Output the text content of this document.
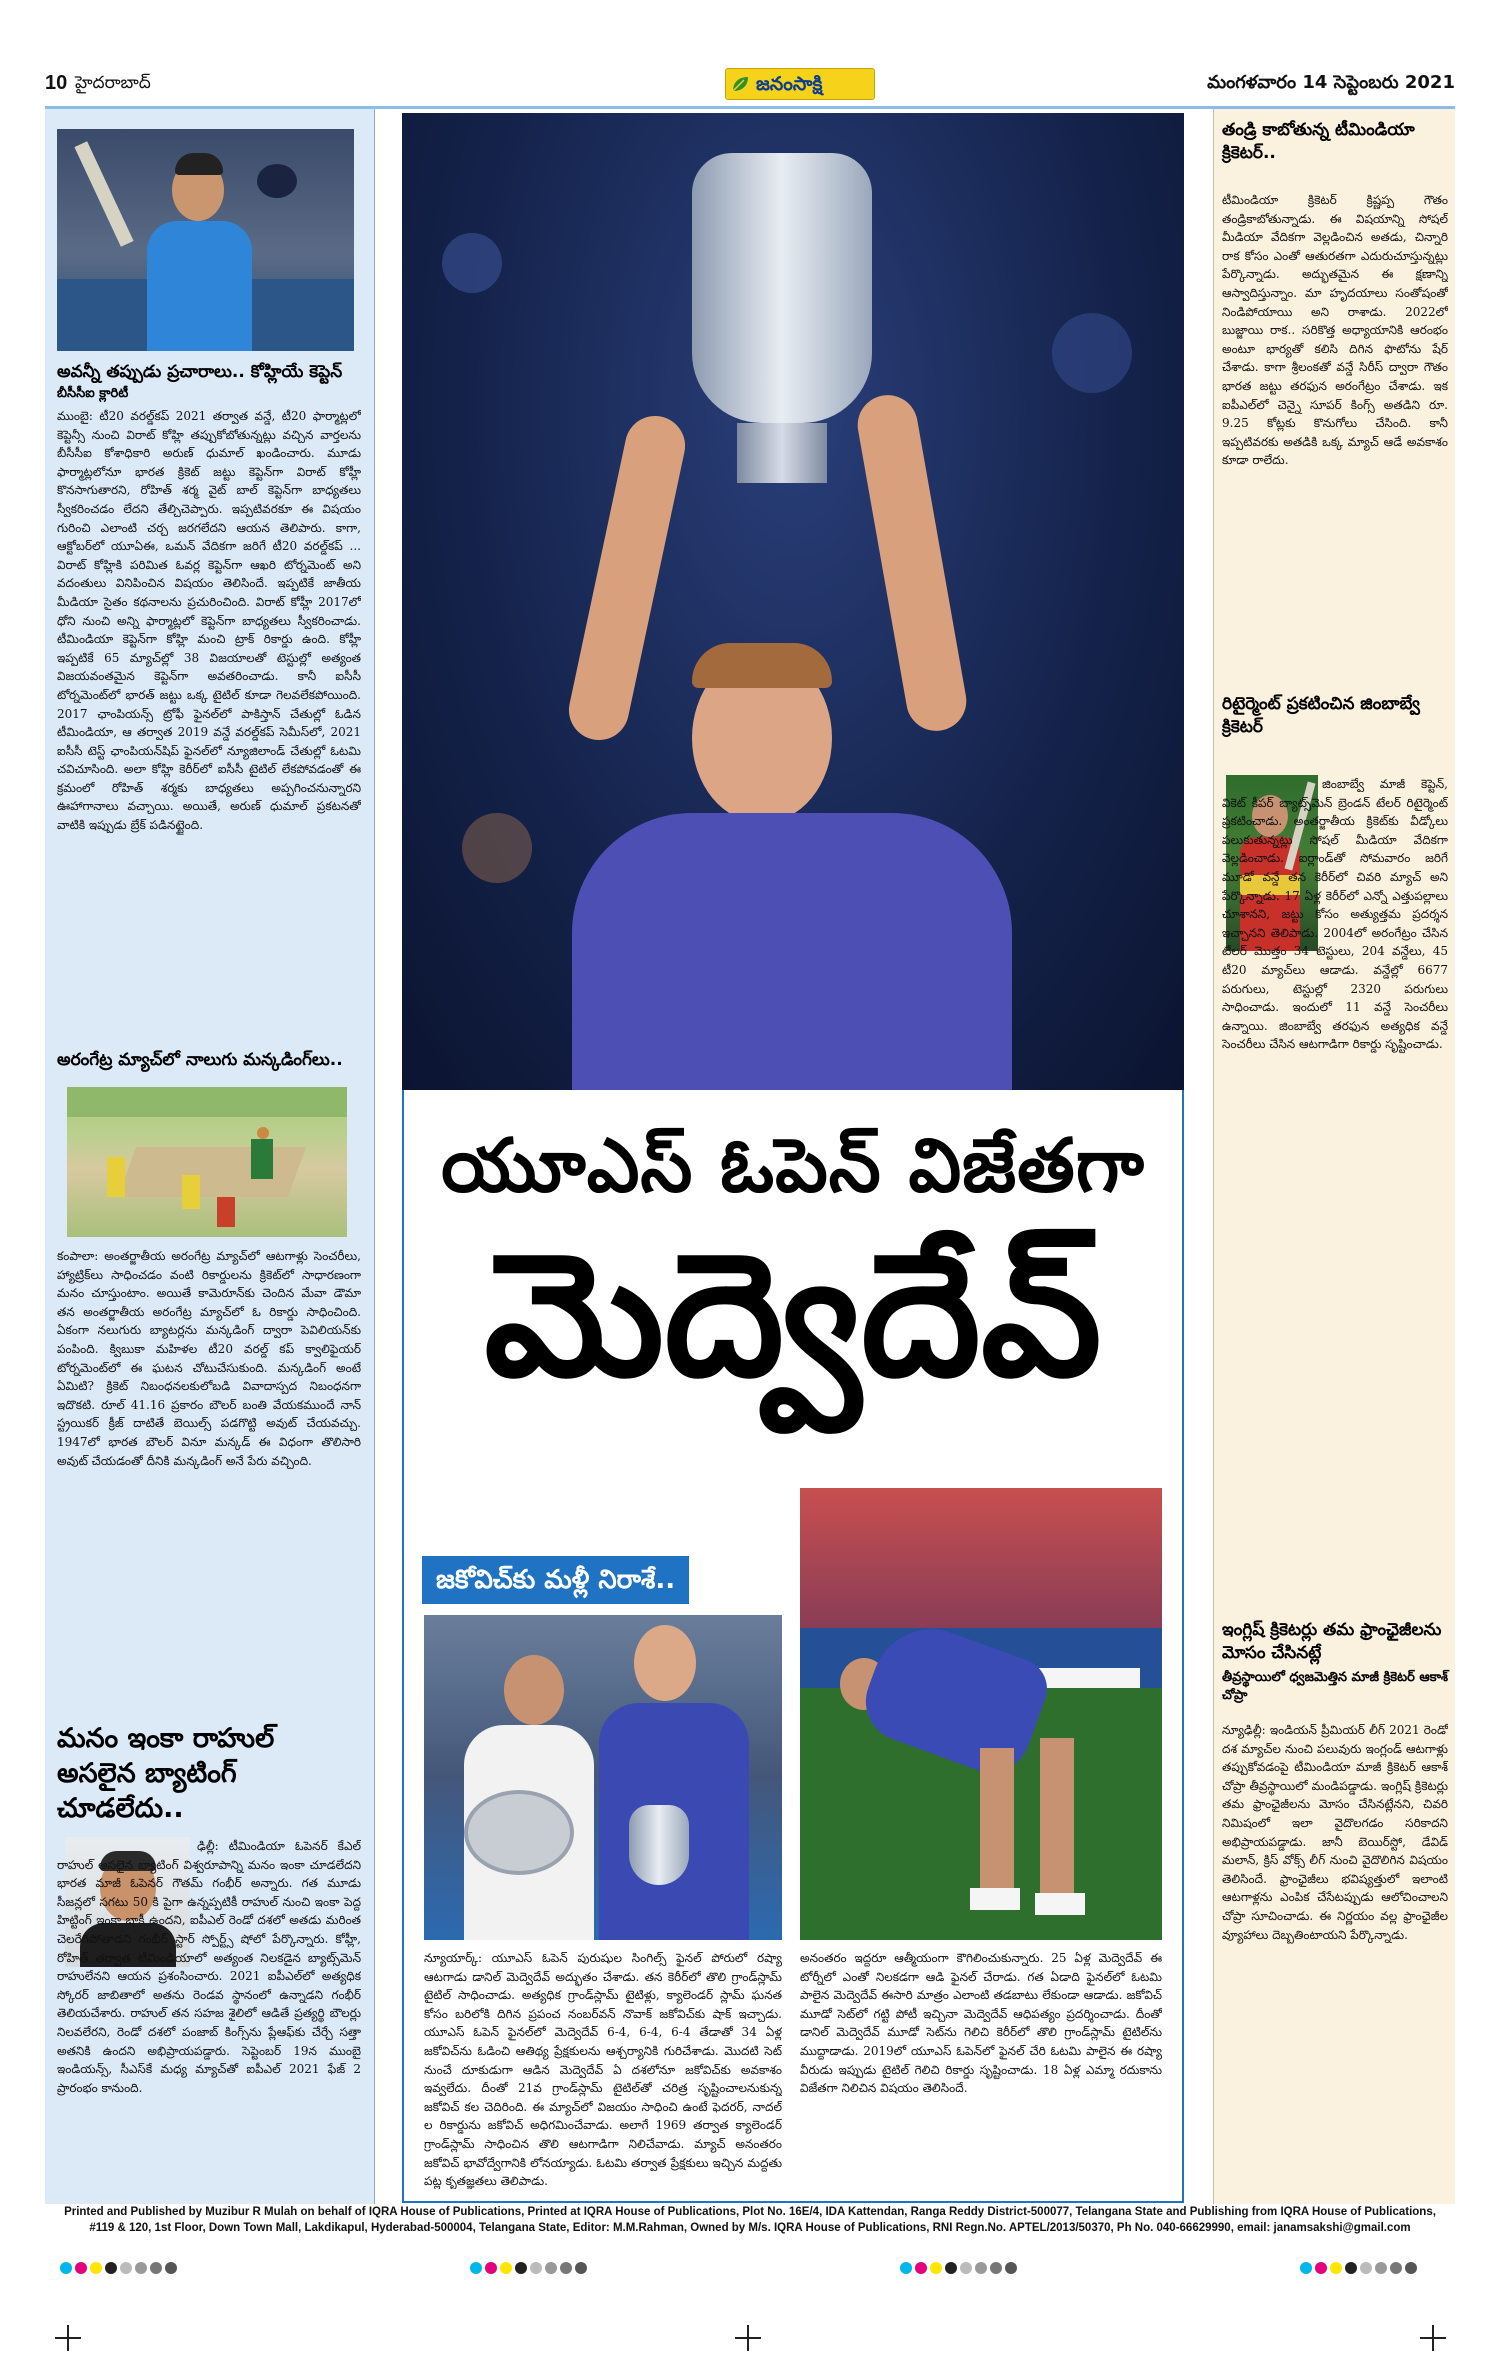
10 హైదరాబాద్‌	జనంసాక్షి	మంగళవారం 14 సెప్టెంబరు 2021
అవన్నీ తప్పుడు ప్రచారాలు.. కోహ్లియే కెప్టెన్‌
బీసీసీఐ క్లారిటీ
ముంబై: టీ20 వరల్డ్‌కప్‌ 2021 తర్వాత వన్డే, టీ20 ఫార్మాట్లలో కెప్టెన్సీ నుంచి విరాట్‌ కోహ్లి తప్పుకోబోతున్నట్లు వచ్చిన వార్తలను బీసీసీఐ కోశాధికారి అరుణ్‌ ధుమాల్‌ ఖండించారు. మూడు ఫార్మాట్లలోనూ భారత క్రికెట్‌ జట్టు కెప్టెన్‌గా విరాట్‌ కోహ్లీ కొనసాగుతారని, రోహిత్‌ శర్మ వైట్‌ బాల్‌ కెప్టెన్‌గా బాధ్యతలు స్వీకరించడం లేదని తేల్చిచెప్పారు. ఇప్పటివరకూ ఈ విషయం గురించి ఎలాంటి చర్చ జరగలేదని ఆయన తెలిపారు. కాగా, ఆక్టోబర్‌లో యూఏఈ, ఒమన్‌ వేదికగా జరిగే టీ20 వరల్డ్‌కప్‌ ... విరాట్‌ కోహ్లికి పరిమిత ఓవర్ల కెప్టెన్‌గా ఆఖరి టోర్నమెంట్‌ అని వదంతులు వినిపించిన విషయం తెలిసిందే. ఇప్పటికే జాతీయ మీడియా సైతం కథనాలను ప్రచురించింది. విరాట్‌ కోహ్లీ 2017లో ధోని నుంచి అన్ని ఫార్మాట్లలో కెప్టెన్‌గా బాధ్యతలు స్వీకరించాడు. టీమిండియా కెప్టెన్‌గా కోహ్లి మంచి ట్రాక్‌ రికార్డు ఉంది. కోహ్లీ ఇప్పటికే 65 మ్యాచ్‌ల్లో 38 విజయాలతో టెస్టుల్లో అత్యంత విజయవంతమైన కెప్టెన్‌గా అవతరించాడు. కానీ ఐసీసీ టోర్నమెంట్‌లో భారత్‌ జట్టు ఒక్క టైటిల్‌ కూడా గెలవలేకపోయింది. 2017 ఛాంపియన్స్‌ ట్రోఫీ ఫైనల్‌లో పాకిస్తాన్‌ చేతుల్లో ఓడిన టీమిండియా, ఆ తర్వాత 2019 వన్డే వరల్డ్‌కప్‌ సెమీస్‌లో, 2021 ఐసీసీ టెస్ట్‌ ఛాంపియన్‌షిప్‌ ఫైనల్‌లో న్యూజిలాండ్‌ చేతుల్లో ఓటమి చవిచూసింది. అలా కోహ్లి కెరీర్‌లో ఐసీసీ టైటిల్‌ లేకపోవడంతో ఈ క్రమంలో రోహిత్‌ శర్మకు బాధ్యతలు అప్పగించనున్నారని ఊహాగానాలు వచ్చాయి. అయితే, అరుణ్‌ ధుమాల్‌ ప్రకటనతో వాటికి ఇప్పుడు బ్రేక్‌ పడినట్టైంది.
అరంగేట్ర మ్యాచ్‌లో నాలుగు మన్కడింగ్‌లు..
కంపాలా: అంతర్జాతీయ అరంగేట్ర మ్యాచ్‌లో ఆటగాళ్లు సెంచరీలు, హ్యాట్రిక్‌లు సాధించడం వంటి రికార్డులను క్రికెట్‌లో సాధారణంగా మనం చూస్తుంటాం. అయితే కామెరూన్‌కు చెందిన మేవా డౌమా తన అంతర్జాతీయ అరంగేట్ర మ్యాచ్‌లో ఓ రికార్డు సాధించింది. ఏకంగా నలుగురు బ్యాటర్లను మన్కడింగ్‌ ద్వారా పెవిలియన్‌కు పంపింది. క్విబుకా మహిళల టీ20 వరల్డ్‌ కప్‌ క్వాలిఫైయర్‌ టోర్నమెంట్‌లో ఈ ఘటన చోటుచేసుకుంది. మన్కడింగ్‌ అంటే ఏమిటి? క్రికెట్‌ నిబంధనలకులోబడి వివాదాస్పద నిబంధనగా ఇదొకటి. రూల్‌ 41.16 ప్రకారం బౌలర్‌ బంతి వేయకముందే నాన్‌ స్ట్రయికర్‌ క్రీజ్‌ దాటితే బెయిల్స్‌ పడగొట్టి అవుట్‌ చేయవచ్చు. 1947లో భారత బౌలర్‌ వినూ మన్కడ్‌ ఈ విధంగా తొలిసారి అవుట్‌ చేయడంతో దీనికి మన్కడింగ్‌ అనే పేరు వచ్చింది.
మనం ఇంకా రాహుల్‌ అసలైన బ్యాటింగ్‌ చూడలేదు..
ఢిల్లీ: టీమిండియా ఓపెనర్‌ కేఎల్‌ రాహుల్‌ అసలైన బ్యాటింగ్‌ విశ్వరూపాన్ని మనం ఇంకా చూడలేదని భారత మాజీ ఓపెనర్‌ గౌతమ్‌ గంభీర్‌ అన్నారు. గత మూడు సీజన్లలో సగటు 50 కి పైగా ఉన్నప్పటికీ రాహుల్‌ నుంచి ఇంకా పెద్ద హిట్టింగ్‌ ఇంకా బాకీ ఉందని, ఐపీఎల్‌ రెండో దశలో అతడు మరింత చెలరేగిపోతాడని గంభీర్‌ స్టార్‌ స్పోర్ట్స్‌ షోలో పేర్కొన్నారు. కోహ్లీ, రోహిత్‌ తర్వాత టీమిండియాలో అత్యంత నిలకడైన బ్యాట్స్‌మెన్‌ రాహులేనని ఆయన ప్రశంసించారు. 2021 ఐపీఎల్‌లో అత్యధిక స్కోరర్‌ జాబితాలో అతను రెండవ స్థానంలో ఉన్నాడని గంభీర్‌ తెలియచేశారు. రాహుల్‌ తన సహజ శైలిలో ఆడితే ప్రత్యర్థి బౌలర్లు నిలవలేరని, రెండో దశలో పంజాబ్‌ కింగ్స్‌ను ప్లేఆఫ్‌కు చేర్చే సత్తా అతనికి ఉందని అభిప్రాయపడ్డారు. సెప్టెంబర్‌ 19న ముంబై ఇండియన్స్‌, సీఎస్‌కే మధ్య మ్యాచ్‌తో ఐపీఎల్‌ 2021 ఫేజ్‌ 2 ప్రారంభం కానుంది.
యూఎస్‌ ఓపెన్‌ విజేతగా
మెద్వెదేవ్‌
జకోవిచ్‌కు మళ్లీ నిరాశే..
న్యూయార్క్‌: యూఎస్‌ ఓపెన్‌ పురుషుల సింగిల్స్‌ ఫైనల్‌ పోరులో రష్యా ఆటగాడు డానిల్‌ మెద్వెదేవ్‌ అద్భుతం చేశాడు. తన కెరీర్‌లో తొలి గ్రాండ్‌స్లామ్‌ టైటిల్‌ సాధించాడు. అత్యధిక గ్రాండ్‌స్లామ్‌ టైటిళ్లు, క్యాలెండర్‌ స్లామ్‌ ఘనత కోసం బరిలోకి దిగిన ప్రపంచ నంబర్‌వన్‌ నొవాక్‌ జకోవిచ్‌కు షాక్‌ ఇచ్చాడు. యూఎస్‌ ఓపెన్‌ ఫైనల్‌లో మెద్వెదేవ్‌ 6-4, 6-4, 6-4 తేడాతో 34 ఏళ్ల జకోవిచ్‌ను ఓడించి ఆతిథ్య ప్రేక్షకులను ఆశ్చర్యానికి గురిచేశాడు. మొదటి సెట్‌ నుంచే దూకుడుగా ఆడిన మెద్వెదేవ్‌ ఏ దశలోనూ జకోవిచ్‌కు అవకాశం ఇవ్వలేదు. దీంతో 21వ గ్రాండ్‌స్లామ్‌ టైటిల్‌తో చరిత్ర సృష్టించాలనుకున్న జకోవిచ్‌ కల చెదిరింది. ఈ మ్యాచ్‌లో విజయం సాధించి ఉంటే ఫెదరర్‌, నాదల్‌ ల రికార్డును జకోవిచ్‌ అధిగమించేవాడు. అలాగే 1969 తర్వాత క్యాలెండర్‌ గ్రాండ్‌స్లామ్‌ సాధించిన తొలి ఆటగాడిగా నిలిచేవాడు. మ్యాచ్‌ అనంతరం జకోవిచ్‌ భావోద్వేగానికి లోనయ్యాడు. ఓటమి తర్వాత ప్రేక్షకులు ఇచ్చిన మద్దతు పట్ల కృతజ్ఞతలు తెలిపాడు.
అనంతరం ఇద్దరూ ఆత్మీయంగా కౌగిలించుకున్నారు. 25 ఏళ్ల మెద్వెదేవ్‌ ఈ టోర్నీలో ఎంతో నిలకడగా ఆడి ఫైనల్‌ చేరాడు. గత ఏడాది ఫైనల్‌లో ఓటమి పాలైన మెద్వెదేవ్‌ ఈసారి మాత్రం ఎలాంటి తడబాటు లేకుండా ఆడాడు. జకోవిచ్‌ మూడో సెట్‌లో గట్టి పోటీ ఇచ్చినా మెద్వెదేవ్‌ ఆధిపత్యం ప్రదర్శించాడు. దీంతో డానిల్‌ మెద్వెదేవ్‌ మూడో సెట్‌ను గెలిచి కెరీర్‌లో తొలి గ్రాండ్‌స్లామ్‌ టైటిల్‌ను ముద్దాడాడు. 2019లో యూఎస్‌ ఓపెన్‌లో ఫైనల్‌ చేరి ఓటమి పాలైన ఈ రష్యా వీరుడు ఇప్పుడు టైటిల్‌ గెలిచి రికార్డు సృష్టించాడు. 18 ఏళ్ల ఎమ్మా రదుకాను విజేతగా నిలిచిన విషయం తెలిసిందే.
తండ్రి కాబోతున్న టీమిండియా క్రికెటర్‌..
టీమిండియా క్రికెటర్‌ క్రిష్ణప్ప గౌతం తండ్రికాబోతున్నాడు. ఈ విషయాన్ని సోషల్‌ మీడియా వేదికగా వెల్లడించిన అతడు, చిన్నారి రాక కోసం ఎంతో ఆతురతగా ఎదురుచూస్తున్నట్లు పేర్కొన్నాడు. అద్భుతమైన ఈ క్షణాన్ని ఆస్వాదిస్తున్నాం. మా హృదయాలు సంతోషంతో నిండిపోయాయి అని రాశాడు. 2022లో బుజ్జాయి రాక.. సరికొత్త అధ్యాయానికి ఆరంభం అంటూ భార్యతో కలిసి దిగిన ఫొటోను షేర్‌ చేశాడు. కాగా శ్రీలంకతో వన్డే సిరీస్‌ ద్వారా గౌతం భారత జట్టు తరఫున అరంగేట్రం చేశాడు. ఇక ఐపీఎల్‌లో చెన్నై సూపర్‌ కింగ్స్‌ అతడిని రూ. 9.25 కోట్లకు కొనుగోలు చేసింది. కానీ ఇప్పటివరకు అతడికి ఒక్క మ్యాచ్‌ ఆడే అవకాశం కూడా రాలేదు.
రిటైర్మెంట్‌ ప్రకటించిన జింబాబ్వే క్రికెటర్‌
జింబాబ్వే మాజీ కెప్టెన్‌, వికెట్‌ కీపర్‌ బ్యాట్స్‌మెన్‌ బ్రెండన్‌ టేలర్‌ రిటైర్మెంట్‌ ప్రకటించాడు. అంతర్జాతీయ క్రికెట్‌కు వీడ్కోలు పలుకుతున్నట్లు సోషల్‌ మీడియా వేదికగా వెల్లడించాడు. ఐర్లాండ్‌తో సోమవారం జరిగే మూడో వన్డే తన కెరీర్‌లో చివరి మ్యాచ్‌ అని పేర్కొన్నాడు. 17 ఏళ్ల కెరీర్‌లో ఎన్నో ఎత్తుపల్లాలు చూశానని, జట్టు కోసం అత్యుత్తమ ప్రదర్శన ఇచ్చానని తెలిపాడు. 2004లో అరంగేట్రం చేసిన టేలర్‌ మొత్తం 34 టెస్టులు, 204 వన్డేలు, 45 టీ20 మ్యాచ్‌లు ఆడాడు. వన్డేల్లో 6677 పరుగులు, టెస్టుల్లో 2320 పరుగులు సాధించాడు. ఇందులో 11 వన్డే సెంచరీలు ఉన్నాయి. జింబాబ్వే తరఫున అత్యధిక వన్డే సెంచరీలు చేసిన ఆటగాడిగా రికార్డు సృష్టించాడు.
ఇంగ్లిష్‌ క్రికెటర్లు తమ ఫ్రాంఛైజీలను మోసం చేసినట్లే
తీవ్రస్థాయిలో ధ్వజమెత్తిన మాజీ క్రికెటర్‌ ఆకాశ్‌ చోప్రా
న్యూఢిల్లీ: ఇండియన్‌ ప్రీమియర్‌ లీగ్‌ 2021 రెండో దశ మ్యాచ్‌ల నుంచి పలువురు ఇంగ్లండ్‌ ఆటగాళ్లు తప్పుకోవడంపై టీమిండియా మాజీ క్రికెటర్‌ ఆకాశ్‌ చోప్రా తీవ్రస్థాయిలో మండిపడ్డాడు. ఇంగ్లిష్‌ క్రికెటర్లు తమ ఫ్రాంఛైజీలను మోసం చేసినట్లేనని, చివరి నిమిషంలో ఇలా వైదొలగడం సరికాదని అభిప్రాయపడ్డాడు. జానీ బెయిర్‌స్టో, డేవిడ్‌ మలాన్‌, క్రిస్‌ వోక్స్‌ లీగ్‌ నుంచి వైదొలిగిన విషయం తెలిసిందే. ఫ్రాంఛైజీలు భవిష్యత్తులో ఇలాంటి ఆటగాళ్లను ఎంపిక చేసేటప్పుడు ఆలోచించాలని చోప్రా సూచించాడు. ఈ నిర్ణయం వల్ల ఫ్రాంఛైజీల వ్యూహాలు దెబ్బతింటాయని పేర్కొన్నాడు.
Printed and Published by Muzibur R Mulah on behalf of IQRA House of Publications, Printed at IQRA House of Publications, Plot No. 16E/4, IDA Kattendan, Ranga Reddy District-500077, Telangana State and Publishing from IQRA House of Publications,
#119 & 120, 1st Floor, Down Town Mall, Lakdikapul, Hyderabad-500004, Telangana State, Editor: M.M.Rahman, Owned by M/s. IQRA House of Publications, RNI Regn.No. APTEL/2013/50370, Ph No. 040-66629990, email: janamsakshi@gmail.com
